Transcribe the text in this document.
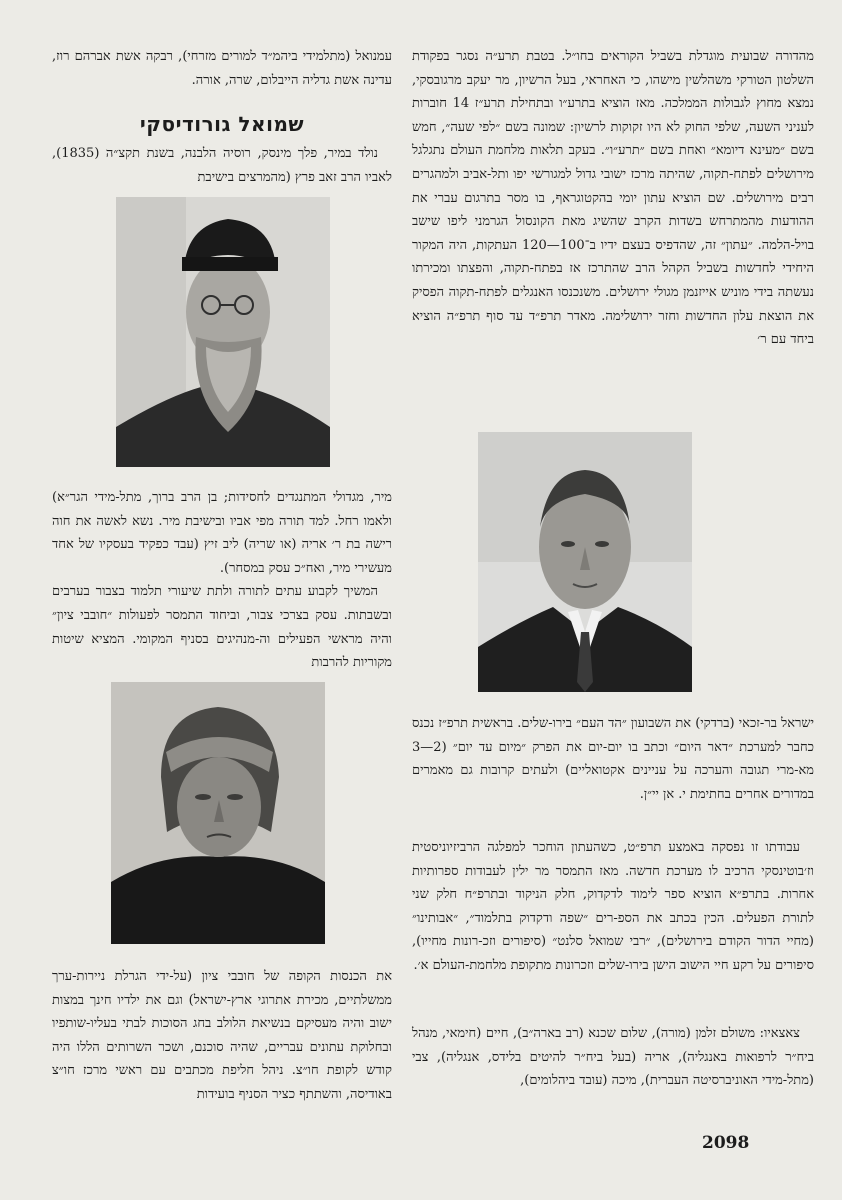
מהדורה שבועית מוגדלת בשביל הקוראים בחו״ל. בטבת תרע״ה נסגר בפקודת השלטון הטורקי משהלשין מישהו, כי האחראי, בעל הרשיון, מר יעקב מרגובסקי, נמצא מחוץ לגבולות הממלכה. מאז הוציא בתרע״ו ובתחילת תרע״ז 14 חוברות לעניני השעה, שלפי החוק לא היו זקוקות לרשיון: שמונה בשם ״לפי שעה״, חמש בשם ״מעינא דיומא״ ואחת בשם ״תרע״ו״. בעקב תלאות מלחמת העולם נתגלגל מירושלים לפתח-תקוה, שהיתה מרכז ישובי גדול למגורשי יפו ותל-אביב ולמהגרים רבים מירושלים. שם הוציא עתון יומי בהקטוגראף, בו מסר בתרגום עברי את ההודעות מהמתרחש בשדות הקרב שהשיג מאת הקונסול הגרמני ליפו שישב בויל-הלמה. ״עתון״ זה, שהדפיס בעצם ידיו ב־100—120 העתקות, היה המקור היחידי לחדשות בשביל הקהל הרב שהתרכז אז בפתח-תקוה, והפצתו ומכירתו נעשתה בידי מוניש אייזנמן מגולי ירושלים. משנכנסו האנגלים לפתח-תקוה הפסיק את הוצאת עלון החדשות וחזר ירושלימה. מאדר תרפ״ד עד סוף תרפ״ה הוציא ביחד עם ר׳

ישראל בר-זכאי (ברדקי) את השבועון ״הד העם״ בירו-שלים. בראשית תרפ״ז נכנס כחבר למערכת ״דאר היום״ וכתב בו יום-יום את הפרק ״מיום עד יום״ (2—3 מא-מרי תגובה והערכה על עניינים אקטואליים) ולעתים קרובות גם מאמרים במדורים אחרים בחתימת י. אן יי״ן.

עבודתו זו נפסקה באמצע תרפ״ט, כשהעתון הוחכר למפלגה הרביזיוניסטית וז׳בוטינסקי הרכיב לו מערכת חדשה. מאז התמסר מר ילין לעבודות ספרותיות אחרות. בתרפ״א הוציא ספר לימוד לדקדוק, חלק הניקוד ובתרפ״ח חלק שני לתורת הפעלים. הכין בכתב את הספ-רים ״שפה ודקדוק בתלמוד״, ״אבותינו״ (מחיי הדור הקודם בירושלים), ״רבי שמואל סלנט״ (סיפורים וזכ-רונות מחייו), סיפורים על רקע חיי הישוב הישן בירו-שלים וזכרונות מתקופת מלחמת-העולם א׳.

צאצאיו: משולם זלמן (מורה), שלום שכנא (רב בארה״ב), חיים (חימאי, מנהל ביח״ר לרפואות באנגליה), אריה (בעל ביח״ר להיטים בלידס, אנגליה), צבי (מתל-מידי האוניברסיטה העברית), מיכה (עובד ביהלומים),

עמנואל (מתלמידי ביהמ״ד למורים מזרחי), רבקה אשת אברהם רוז, עדינה אשת גדליה הייבלום, שרה, אורה.

שמואל גורודיסקי

נולד במיר, פלך מינסק, רוסיה הלבנה, בשנת תקצ״ה (1835), לאביו הרב זאב פרץ (מהמרצים בישיבת

מיר, מגדולי המתנגדים לחסידות; בן הרב ברוך, מתל-מידי הגר״א) ולאמו רחל. למד תורה מפי אביו ובישיבת מיר. נשא לאשה את חוה רישה בת ר׳ אריה (או שריה) ליב זיץ (עבד כפקיד בעסקיו של אחד מעשירי מיר, ואח״כ עסק במסחר).

המשיך לקבוע עתים לתורה ולתת שיעורי תלמוד בצבור בערבים ובשבתות. עסק בצרכי צבור, וביחוד התמסר לפעולות ״חובבי ציון״ והיה מראשי הפעילים וה-מנהיגים בסניף המקומי. המציא שיטות מקוריות להרבות

את הכנסות הקופה של חובבי ציון (על-ידי הגרלת ניירות-ערך ממשלתיים, מכירת אתרוגי ארץ-ישראל) וגם את ילדיו חינך במצות ישוב והיה מעסיקם בנשיאת הלולב בחג הסוכות לבתי בעליו-שותפיו ובחלוקת עתונים עבריים, שהיה סוכנם, ושכר השרותים הללו היה קודש לקופת חו״צ. ניהל חליפת מכתבים עם ראשי מרכז חו״צ באודיסה, והשתתף כציר הסניף בועידות

2098
